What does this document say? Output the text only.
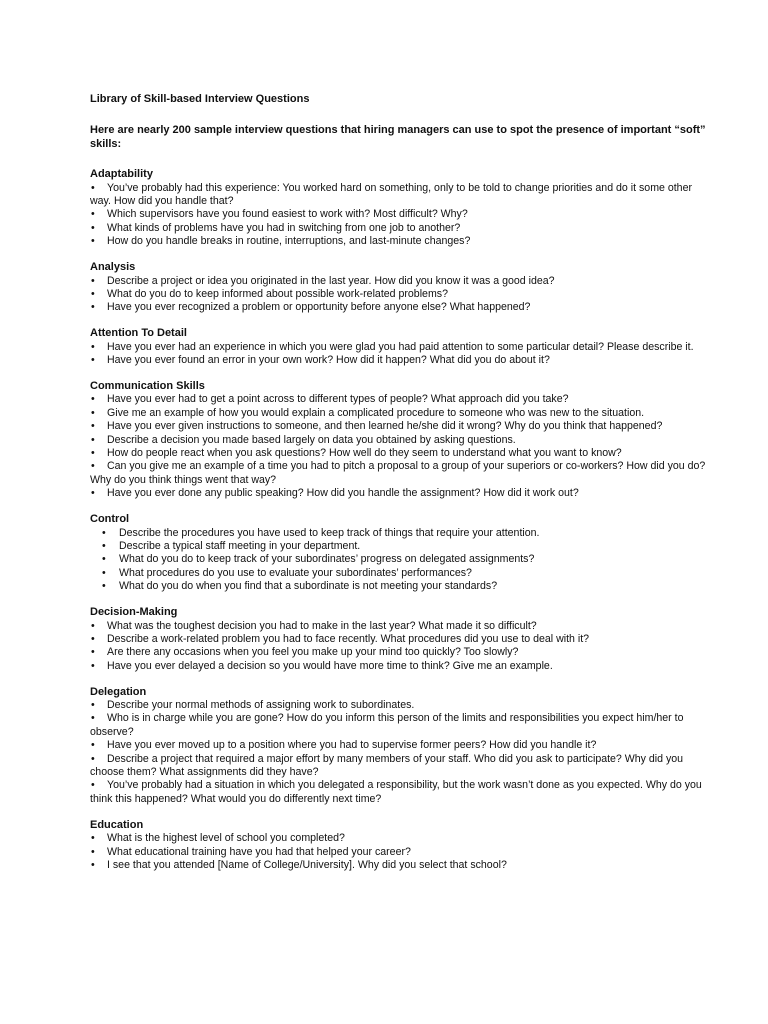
Library of Skill-based Interview Questions
Here are nearly 200 sample interview questions that hiring managers can use to spot the presence of important “soft” skills:
Adaptability
• You’ve probably had this experience: You worked hard on something, only to be told to change priorities and do it some other way. How did you handle that?
• Which supervisors have you found easiest to work with? Most difficult? Why?
• What kinds of problems have you had in switching from one job to another?
• How do you handle breaks in routine, interruptions, and last-minute changes?
Analysis
• Describe a project or idea you originated in the last year. How did you know it was a good idea?
• What do you do to keep informed about possible work-related problems?
• Have you ever recognized a problem or opportunity before anyone else? What happened?
Attention To Detail
• Have you ever had an experience in which you were glad you had paid attention to some particular detail? Please describe it.
• Have you ever found an error in your own work? How did it happen? What did you do about it?
Communication Skills
• Have you ever had to get a point across to different types of people? What approach did you take?
• Give me an example of how you would explain a complicated procedure to someone who was new to the situation.
• Have you ever given instructions to someone, and then learned he/she did it wrong? Why do you think that happened?
• Describe a decision you made based largely on data you obtained by asking questions.
• How do people react when you ask questions? How well do they seem to understand what you want to know?
• Can you give me an example of a time you had to pitch a proposal to a group of your superiors or co-workers? How did you do? Why do you think things went that way?
• Have you ever done any public speaking? How did you handle the assignment? How did it work out?
Control
• Describe the procedures you have used to keep track of things that require your attention.
• Describe a typical staff meeting in your department.
• What do you do to keep track of your subordinates’ progress on delegated assignments?
• What procedures do you use to evaluate your subordinates’ performances?
• What do you do when you find that a subordinate is not meeting your standards?
Decision-Making
• What was the toughest decision you had to make in the last year? What made it so difficult?
• Describe a work-related problem you had to face recently. What procedures did you use to deal with it?
• Are there any occasions when you feel you make up your mind too quickly? Too slowly?
• Have you ever delayed a decision so you would have more time to think? Give me an example.
Delegation
• Describe your normal methods of assigning work to subordinates.
• Who is in charge while you are gone? How do you inform this person of the limits and responsibilities you expect him/her to observe?
• Have you ever moved up to a position where you had to supervise former peers? How did you handle it?
• Describe a project that required a major effort by many members of your staff. Who did you ask to participate? Why did you choose them? What assignments did they have?
• You’ve probably had a situation in which you delegated a responsibility, but the work wasn’t done as you expected. Why do you think this happened? What would you do differently next time?
Education
• What is the highest level of school you completed?
• What educational training have you had that helped your career?
• I see that you attended [Name of College/University]. Why did you select that school?
